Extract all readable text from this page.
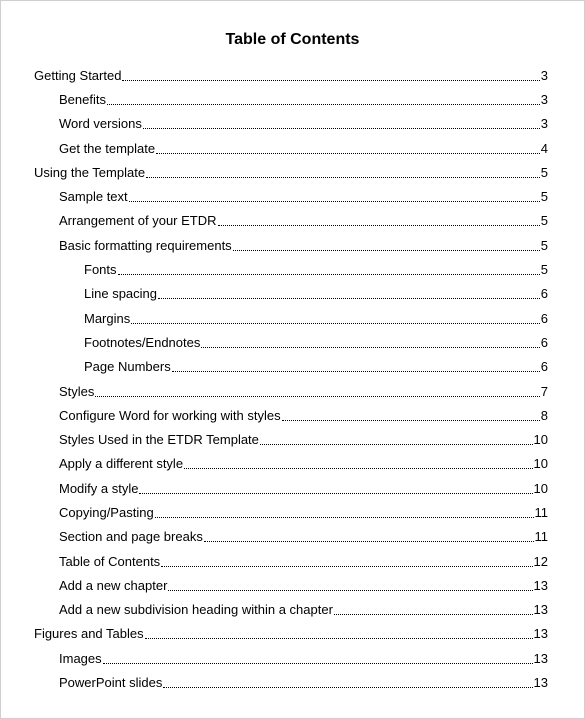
Table of Contents
Getting Started	3
Benefits	3
Word versions	3
Get the template	4
Using the Template	5
Sample text	5
Arrangement of your ETDR	5
Basic formatting requirements	5
Fonts	5
Line spacing	6
Margins	6
Footnotes/Endnotes	6
Page Numbers	6
Styles	7
Configure Word for working with styles	8
Styles Used in the ETDR Template	10
Apply a different style	10
Modify a style	10
Copying/Pasting	11
Section and page breaks	11
Table of Contents	12
Add a new chapter	13
Add a new subdivision heading within a chapter	13
Figures and Tables	13
Images	13
PowerPoint slides	13
